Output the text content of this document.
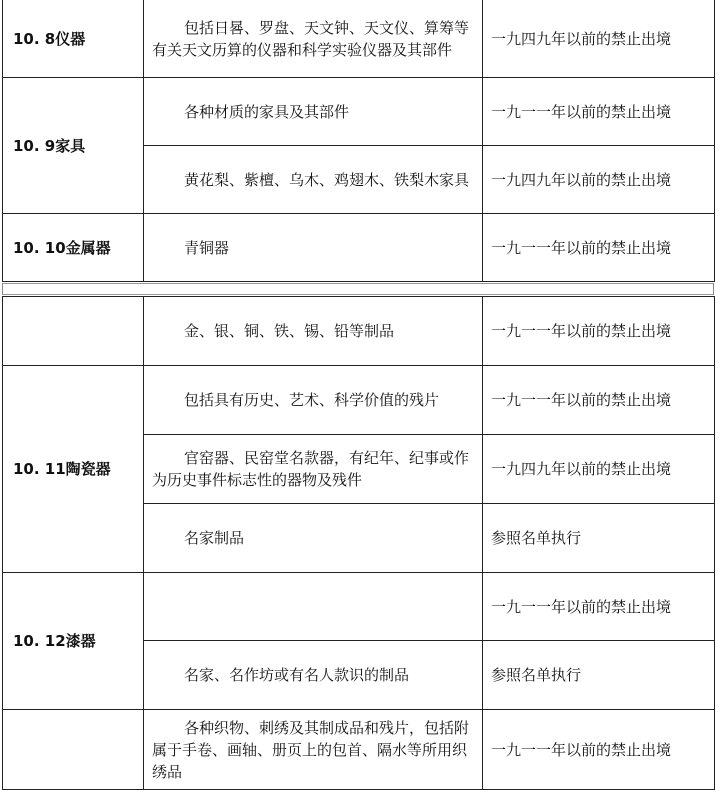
10. 8仪器	包括日晷、罗盘、天文钟、天文仪、算筹等有关天文历算的仪器和科学实验仪器及其部件	一九四九年以前的禁止出境
10. 9家具	各种材质的家具及其部件	一九一一年以前的禁止出境
	黄花梨、紫檀、乌木、鸡翅木、铁梨木家具	一九四九年以前的禁止出境
10. 10金属器	青铜器	一九一一年以前的禁止出境
	金、银、铜、铁、锡、铅等制品	一九一一年以前的禁止出境
10. 11陶瓷器	包括具有历史、艺术、科学价值的残片	一九一一年以前的禁止出境
	官窑器、民窑堂名款器，有纪年、纪事或作为历史事件标志性的器物及残件	一九四九年以前的禁止出境
	名家制品	参照名单执行
10. 12漆器		一九一一年以前的禁止出境
	名家、名作坊或有名人款识的制品	参照名单执行
	各种织物、刺绣及其制成品和残片，包括附属于手卷、画轴、册页上的包首、隔水等所用织绣品	一九一一年以前的禁止出境
